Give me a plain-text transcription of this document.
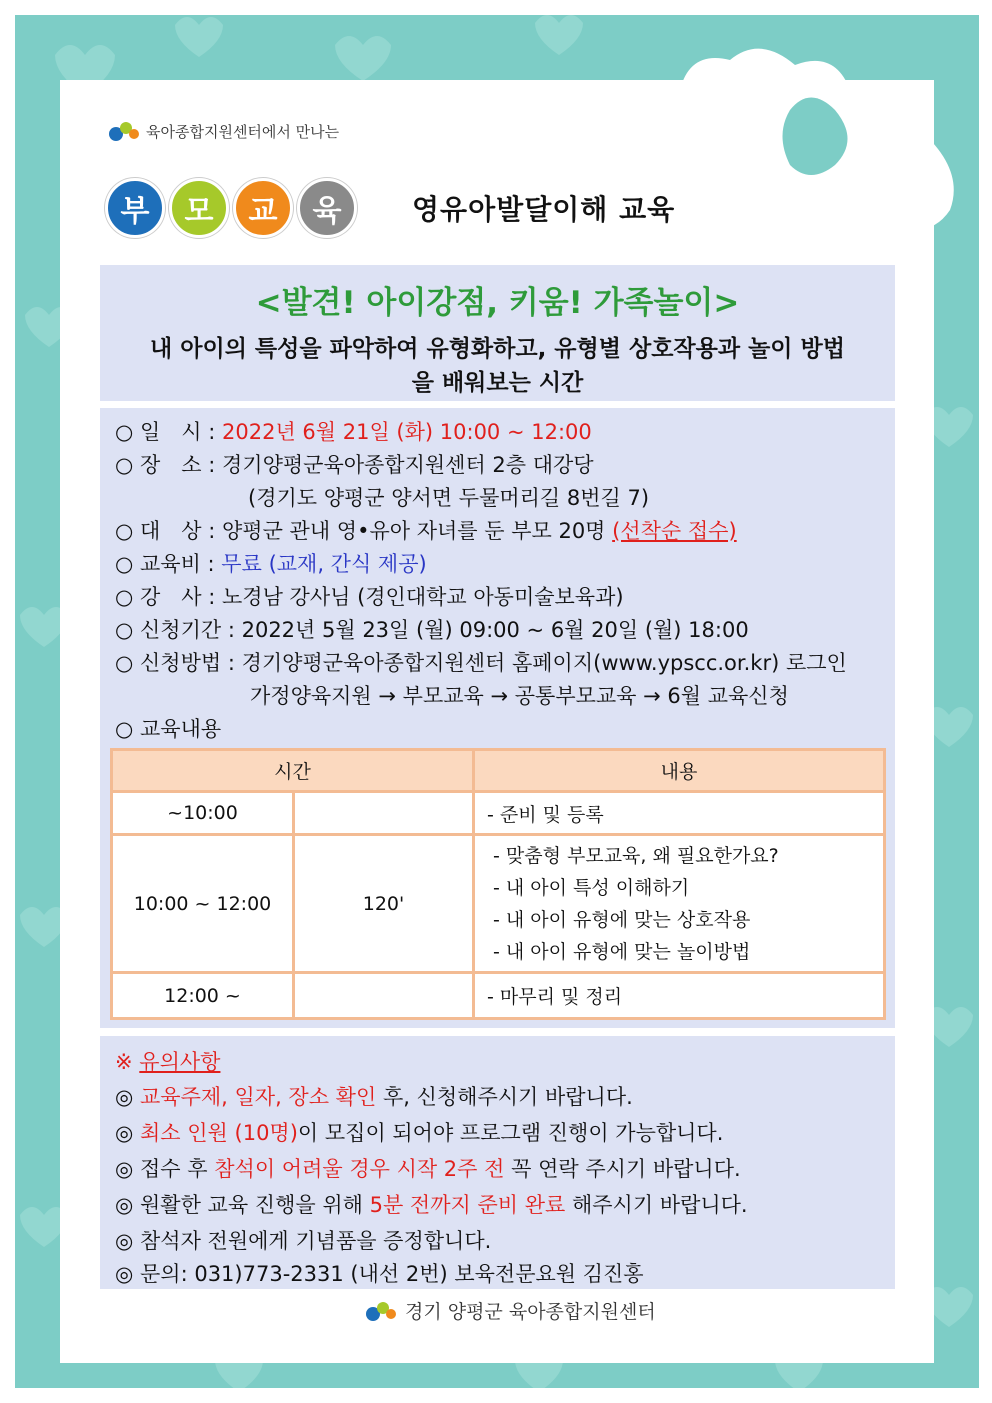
육아종합지원센터에서 만나는
부	모	교	육	영유아발달이해 교육
<발견! 아이강점, 키움! 가족놀이>
내 아이의 특성을 파악하여 유형화하고, 유형별 상호작용과 놀이 방법을 배워보는 시간
○ 일　시 : 2022년 6월 21일 (화) 10:00 ~ 12:00
○ 장　소 : 경기양평군육아종합지원센터 2층 대강당
(경기도 양평군 양서면 두물머리길 8번길 7)
○ 대　상 : 양평군 관내 영•유아 자녀를 둔 부모 20명 (선착순 접수)
○ 교육비 : 무료 (교재, 간식 제공)
○ 강　사 : 노경남 강사님 (경인대학교 아동미술보육과)
○ 신청기간 : 2022년 5월 23일 (월) 09:00 ~ 6월 20일 (월) 18:00
○ 신청방법 : 경기양평군육아종합지원센터 홈페이지(www.ypscc.or.kr) 로그인
가정양육지원 → 부모교육 → 공통부모교육 → 6월 교육신청
○ 교육내용
시간		내용
~10:00		- 준비 및 등록
10:00 ~ 12:00	120'	- 맞춤형 부모교육, 왜 필요한가요?
- 내 아이 특성 이해하기
- 내 아이 유형에 맞는 상호작용
- 내 아이 유형에 맞는 놀이방법

12:00 ~		- 마무리 및 정리
※ 유의사항
◎ 교육주제, 일자, 장소 확인 후, 신청해주시기 바랍니다.
◎ 최소 인원 (10명)이 모집이 되어야 프로그램 진행이 가능합니다.
◎ 접수 후 참석이 어려울 경우 시작 2주 전 꼭 연락 주시기 바랍니다.
◎ 원활한 교육 진행을 위해 5분 전까지 준비 완료 해주시기 바랍니다.
◎ 참석자 전원에게 기념품을 증정합니다.
◎ 문의: 031)773-2331 (내선 2번) 보육전문요원 김진홍
경기 양평군 육아종합지원센터
